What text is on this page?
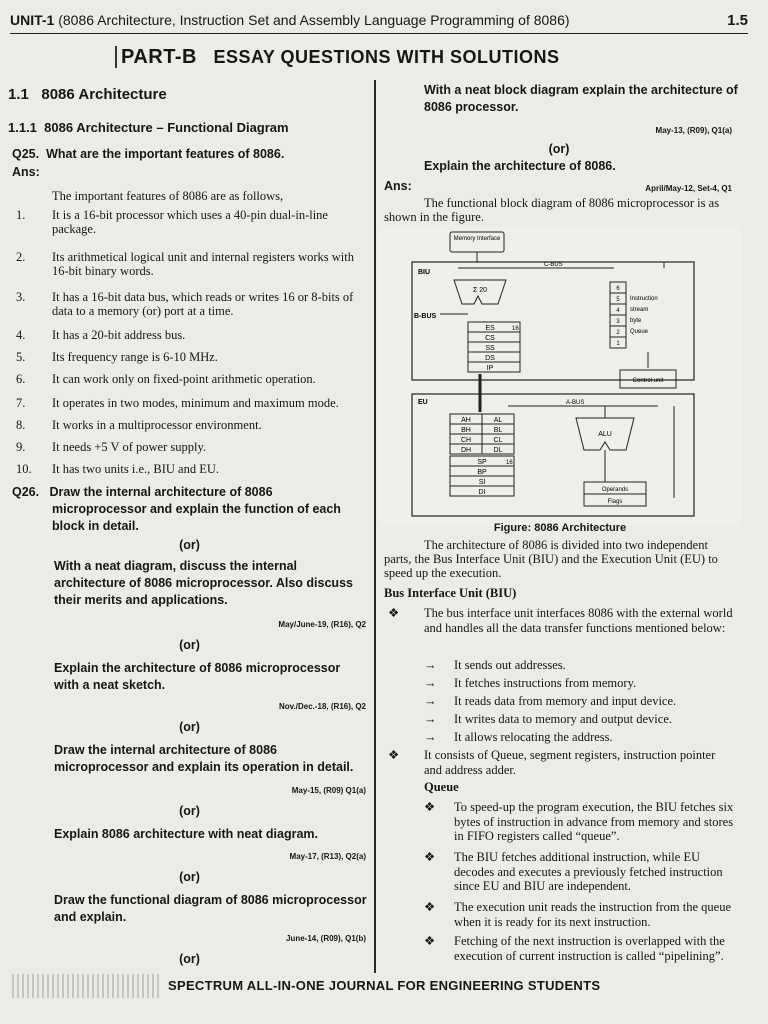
UNIT-1 (8086 Architecture, Instruction Set and Assembly Language Programming of 8086)	1.5
PART-B ESSAY QUESTIONS WITH SOLUTIONS
1.1 8086 Architecture
1.1.1 8086 Architecture – Functional Diagram
Q25. What are the important features of 8086.
Ans:
The important features of 8086 are as follows,
1.	It is a 16-bit processor which uses a 40-pin dual-in-line package.
2.	Its arithmetical logical unit and internal registers works with 16-bit binary words.
3.	It has a 16-bit data bus, which reads or writes 16 or 8-bits of data to a memory (or) port at a time.
4.	It has a 20-bit address bus.
5.	Its frequency range is 6-10 MHz.
6.	It can work only on fixed-point arithmetic operation.
7.	It operates in two modes, minimum and maximum mode.
8.	It works in a multiprocessor environment.
9.	It needs +5 V of power supply.
10.	It has two units i.e., BIU and EU.
Q26. Draw the internal architecture of 8086 microprocessor and explain the function of each block in detail.
(or)
With a neat diagram, discuss the internal architecture of 8086 microprocessor. Also discuss their merits and applications.
May/June-19, (R16), Q2
(or)
Explain the architecture of 8086 microprocessor with a neat sketch.
Nov./Dec.-18, (R16), Q2
(or)
Draw the internal architecture of 8086 microprocessor and explain its operation in detail.
May-15, (R09) Q1(a)
(or)
Explain 8086 architecture with neat diagram.
May-17, (R13), Q2(a)
(or)
Draw the functional diagram of 8086 microprocessor and explain.
June-14, (R09), Q1(b)
(or)
With a neat block diagram explain the architecture of 8086 processor.
May-13, (R09), Q1(a)
(or)
Explain the architecture of 8086.
Ans:	April/May-12, Set-4, Q1
The functional block diagram of 8086 microprocessor is as shown in the figure.
Memory Interface
BIU
C-BUS
Σ 20
B-BUS
ES
CS
SS
DS
IP
16
6
5
4
3
2
1
Instruction
stream
byte
Queue
Control unit
EU	A-BUS
AH	AL
BH	BL
CH	CL
DH	DL
SP
BP
SI
DI
16
ALU
Operands
Flags
Figure: 8086 Architecture
The architecture of 8086 is divided into two independent parts, the Bus Interface Unit (BIU) and the Execution Unit (EU) to speed up the execution.
Bus Interface Unit (BIU)
❖ The bus interface unit interfaces 8086 with the external world and handles all the data transfer functions mentioned below:
→ It sends out addresses.
→ It fetches instructions from memory.
→ It reads data from memory and input device.
→ It writes data to memory and output device.
→ It allows relocating the address.
❖ It consists of Queue, segment registers, instruction pointer and address adder.
Queue
❖ To speed-up the program execution, the BIU fetches six bytes of instruction in advance from memory and stores in FIFO registers called “queue”.
❖ The BIU fetches additional instruction, while EU decodes and executes a previously fetched instruction since EU and BIU are independent.
❖ The execution unit reads the instruction from the queue when it is ready for its next instruction.
❖ Fetching of the next instruction is overlapped with the execution of current instruction is called “pipelining”.
SPECTRUM ALL-IN-ONE JOURNAL FOR ENGINEERING STUDENTS
